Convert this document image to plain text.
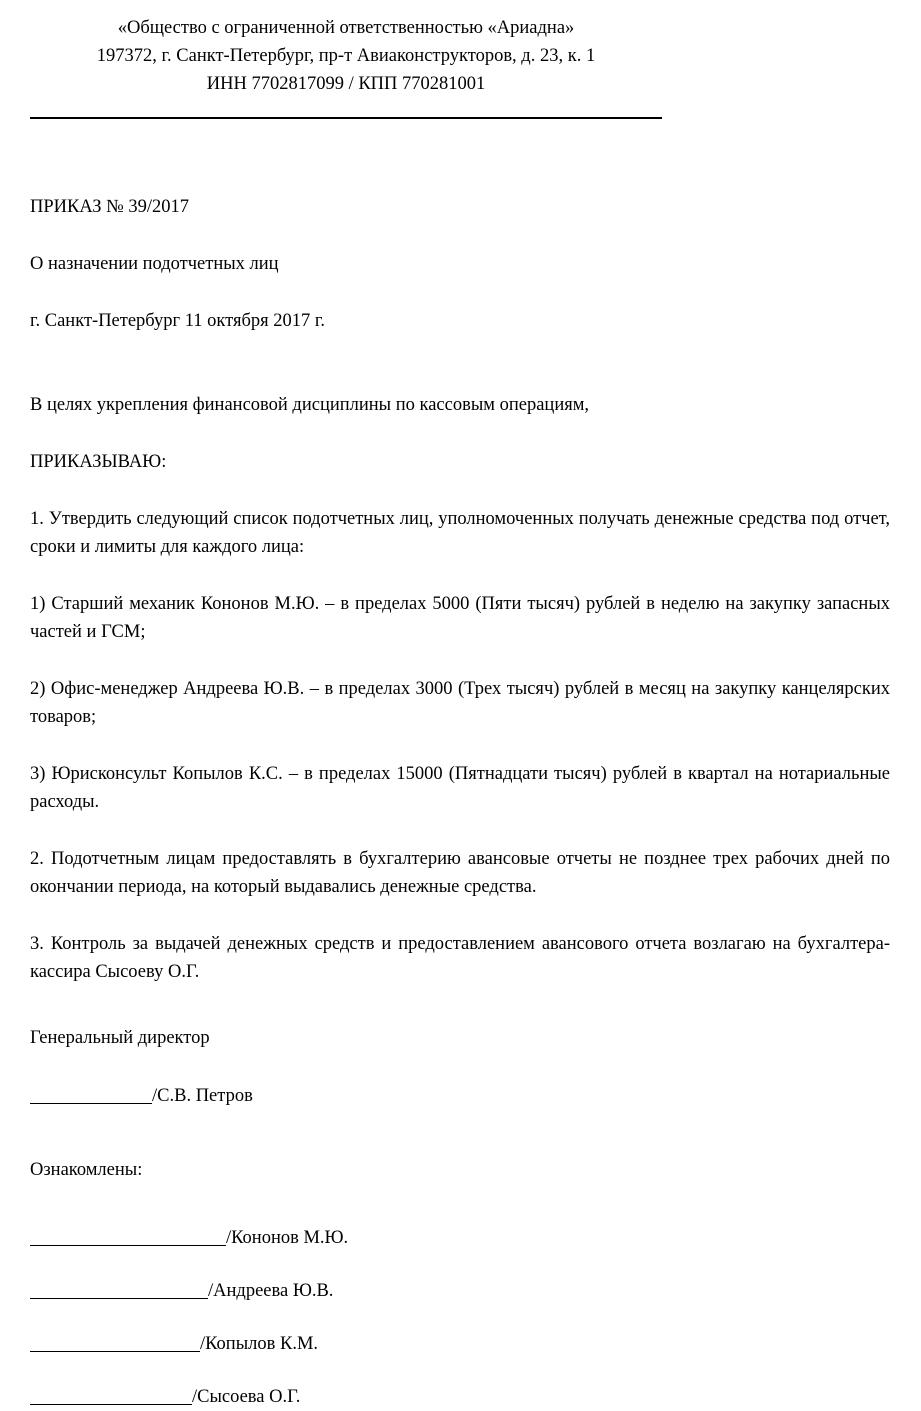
«Общество с ограниченной ответственностью «Ариадна»
197372, г. Санкт-Петербург, пр-т Авиаконструкторов, д. 23, к. 1
ИНН 7702817099 / КПП 770281001
ПРИКАЗ № 39/2017
О назначении подотчетных лиц
г. Санкт-Петербург 11 октября 2017 г.
В целях укрепления финансовой дисциплины по кассовым операциям,
ПРИКАЗЫВАЮ:
1. Утвердить следующий список подотчетных лиц, уполномоченных получать денежные средства под отчет, сроки и лимиты для каждого лица:
1) Старший механик Кононов М.Ю. – в пределах 5000 (Пяти тысяч) рублей в неделю на закупку запасных частей и ГСМ;
2) Офис-менеджер Андреева Ю.В. – в пределах 3000 (Трех тысяч) рублей в месяц на закупку канцелярских товаров;
3) Юрисконсульт Копылов К.С. – в пределах 15000 (Пятнадцати тысяч) рублей в квартал на нотариальные расходы.
2. Подотчетным лицам предоставлять в бухгалтерию авансовые отчеты не позднее трех рабочих дней по окончании периода, на который выдавались денежные средства.
3. Контроль за выдачей денежных средств и предоставлением авансового отчета возлагаю на бухгалтера-кассира Сысоеву О.Г.
Генеральный директор
/С.В. Петров
Ознакомлены:
/Кононов М.Ю.
/Андреева Ю.В.
/Копылов К.М.
/Сысоева О.Г.
